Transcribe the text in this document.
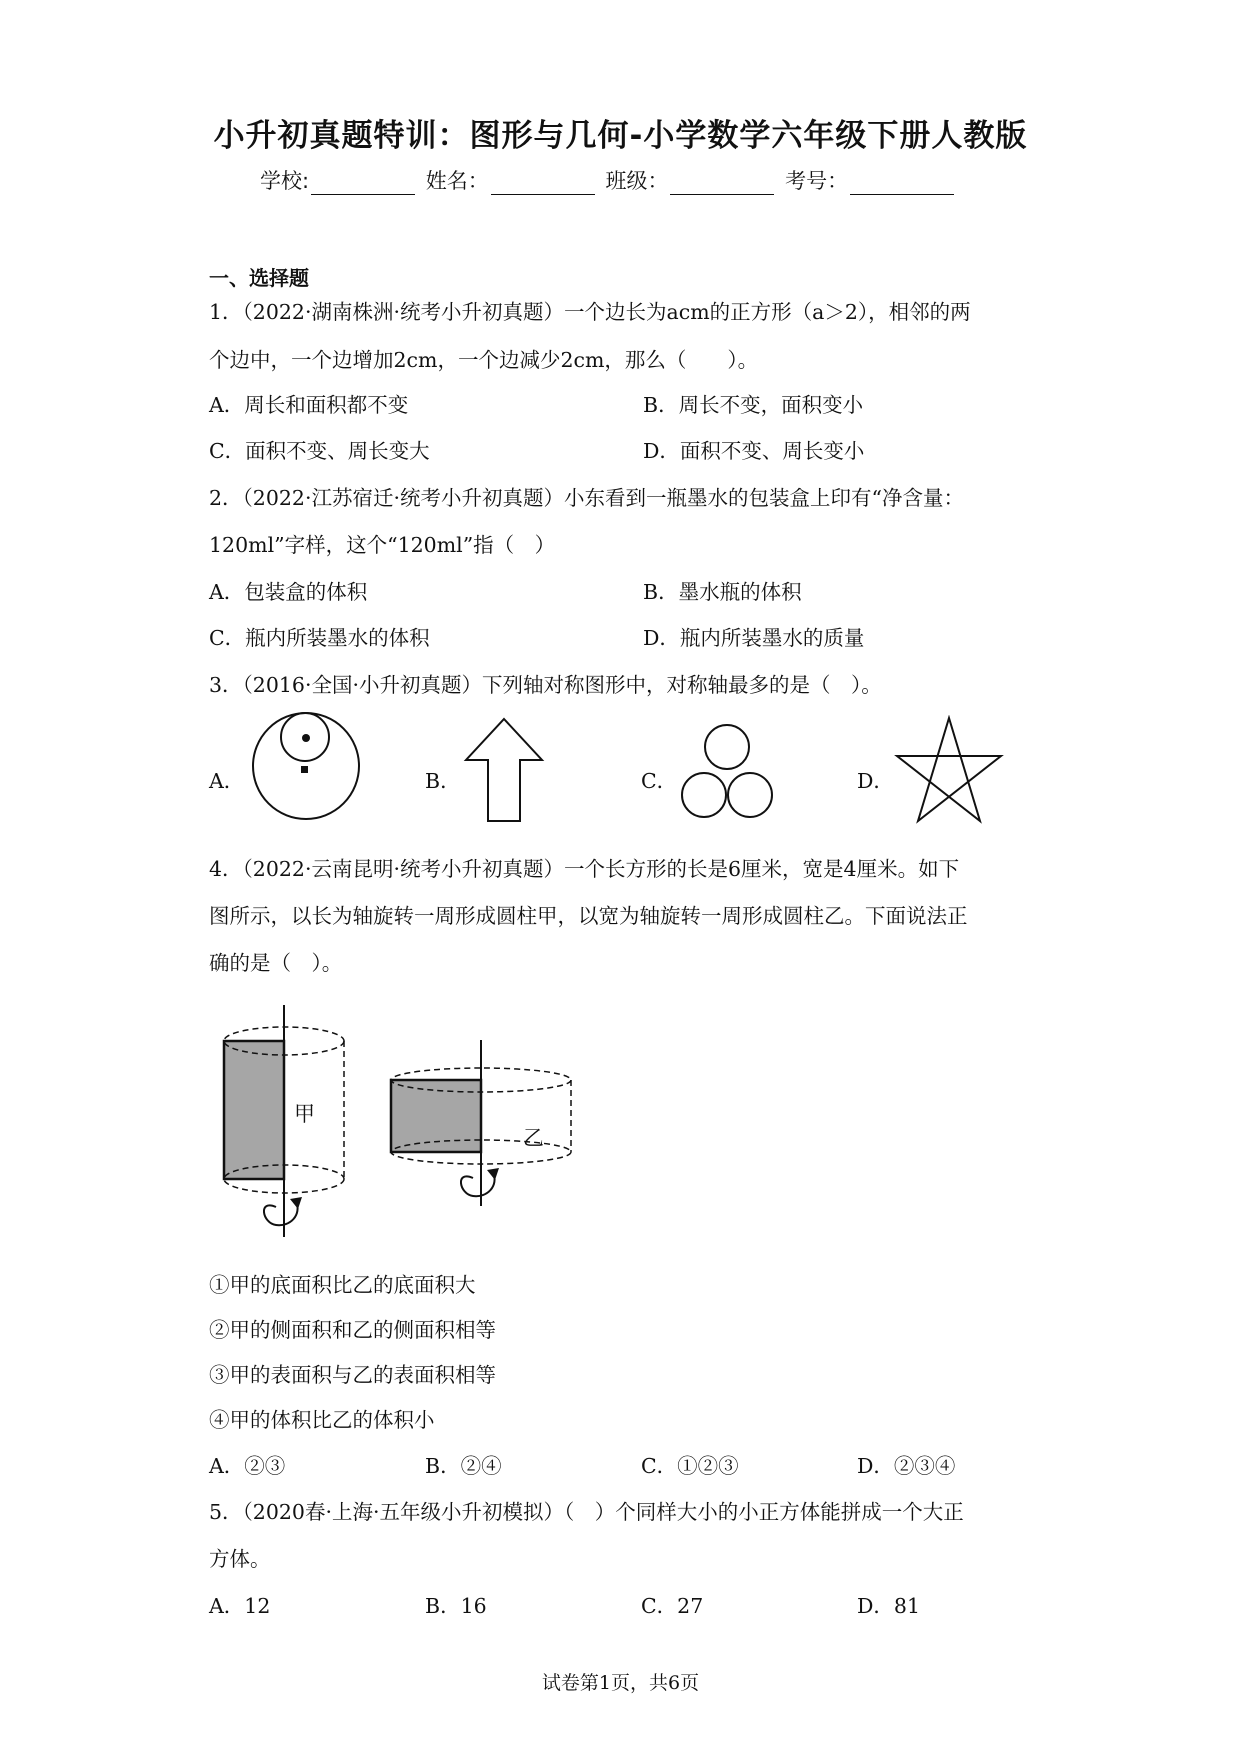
小升初真题特训：图形与几何-小学数学六年级下册人教版
学校:	姓名：	班级：	考号：
一、选择题
1．（2022·湖南株洲·统考小升初真题）一个边长为acm的正方形（a＞2），相邻的两
个边中，一个边增加2cm，一个边减少2cm，那么（　　）。
A．周长和面积都不变	B．周长不变，面积变小
C．面积不变、周长变大	D．面积不变、周长变小
2．（2022·江苏宿迁·统考小升初真题）小东看到一瓶墨水的包装盒上印有“净含量：
120ml”字样，这个“120ml”指（　）
A．包装盒的体积	B．墨水瓶的体积
C．瓶内所装墨水的体积	D．瓶内所装墨水的质量
3．（2016·全国·小升初真题）下列轴对称图形中，对称轴最多的是（　）。
A．	B．	C．	D．
4．（2022·云南昆明·统考小升初真题）一个长方形的长是6厘米，宽是4厘米。如下
图所示，以长为轴旋转一周形成圆柱甲，以宽为轴旋转一周形成圆柱乙。下面说法正
确的是（　）。
甲
乙
①甲的底面积比乙的底面积大
②甲的侧面积和乙的侧面积相等
③甲的表面积与乙的表面积相等
④甲的体积比乙的体积小
A．②③	B．②④	C．①②③	D．②③④
5．（2020春·上海·五年级小升初模拟）（　）个同样大小的小正方体能拼成一个大正
方体。
A．12	B．16	C．27	D．81
试卷第1页，共6页
